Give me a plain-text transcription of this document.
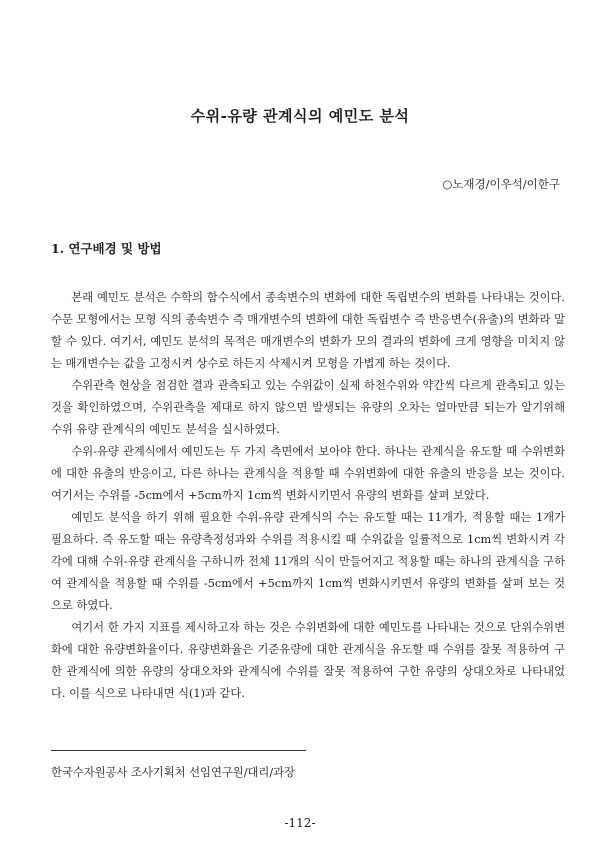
수위-유량 관계식의 예민도 분석
○노재경/이우석/이한구
1. 연구배경 및 방법

본래 예민도 분석은 수학의 함수식에서 종속변수의 변화에 대한 독립변수의 변화를 나타내는 것이다. 수문 모형에서는 모형 식의 종속변수 즉 매개변수의 변화에 대한 독립변수 즉 반응변수(유출)의 변화라 말할 수 있다. 여기서, 예민도 분석의 목적은 매개변수의 변화가 모의 결과의 변화에 크게 영향을 미치지 않는 매개변수는 값을 고정시켜 상수로 하든지 삭제시켜 모형을 가볍게 하는 것이다.

수위관측 현상을 점검한 결과 관측되고 있는 수위값이 실제 하천수위와 약간씩 다르게 관측되고 있는 것을 확인하였으며, 수위관측을 제대로 하지 않으면 발생되는 유량의 오차는 얼마만큼 되는가 알기위해 수위 유량 관계식의 예민도 분석을 실시하였다.

수위-유량 관계식에서 예민도는 두 가지 측면에서 보아야 한다. 하나는 관계식을 유도할 때 수위변화에 대한 유출의 반응이고, 다른 하나는 관계식을 적용할 때 수위변화에 대한 유출의 반응을 보는 것이다. 여기서는 수위를 -5cm에서 +5cm까지 1cm씩 변화시키면서 유량의 변화를 살펴 보았다.

예민도 분석을 하기 위해 필요한 수위-유량 관계식의 수는 유도할 때는 11개가, 적용할 때는 1개가 필요하다. 즉 유도할 때는 유량측정성과와 수위를 적용시킬 때 수위값을 일률적으로 1cm씩 변화시켜 각각에 대해 수위-유량 관계식을 구하니까 전체 11개의 식이 만들어지고 적용할 때는 하나의 관계식을 구하여 관계식을 적용할 때 수위를 -5cm에서 +5cm까지 1cm씩 변화시키면서 유량의 변화를 살펴 보는 것으로 하였다.

여기서 한 가지 지표를 제시하고자 하는 것은 수위변화에 대한 예민도를 나타내는 것으로 단위수위변화에 대한 유량변화율이다. 유량변화율은 기준유량에 대한 관계식을 유도할 때 수위를 잘못 적용하여 구한 관계식에 의한 유량의 상대오차와 관계식에 수위를 잘못 적용하여 구한 유량의 상대오차로 나타내었다. 이를 식으로 나타내면 식(1)과 같다.

한국수자원공사 조사기획처 선임연구원/대리/과장
-112-
